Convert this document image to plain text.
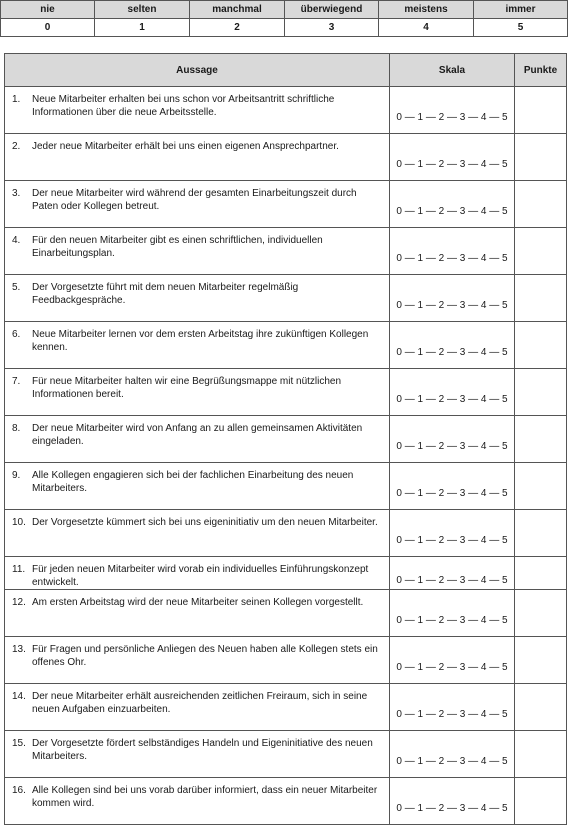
nie	selten	manchmal	überwiegend	meistens	immer
0	1	2	3	4	5
Aussage	Skala	Punkte

1. Neue Mitarbeiter erhalten bei uns schon vor Arbeitsantritt schriftliche Informationen über die neue Arbeitsstelle.	0 — 1 — 2 — 3 — 4 — 5	

2. Jeder neue Mitarbeiter erhält bei uns einen eigenen Ansprechpartner.	0 — 1 — 2 — 3 — 4 — 5	

3. Der neue Mitarbeiter wird während der gesamten Einarbeitungszeit durch Paten oder Kollegen betreut.	0 — 1 — 2 — 3 — 4 — 5	

4. Für den neuen Mitarbeiter gibt es einen schriftlichen, individuellen Einarbeitungsplan.	0 — 1 — 2 — 3 — 4 — 5	

5. Der Vorgesetzte führt mit dem neuen Mitarbeiter regelmäßig Feedbackgespräche.	0 — 1 — 2 — 3 — 4 — 5	

6. Neue Mitarbeiter lernen vor dem ersten Arbeitstag ihre zukünftigen Kollegen kennen.	0 — 1 — 2 — 3 — 4 — 5	

7. Für neue Mitarbeiter halten wir eine Begrüßungsmappe mit nützlichen Informationen bereit.	0 — 1 — 2 — 3 — 4 — 5	

8. Der neue Mitarbeiter wird von Anfang an zu allen gemeinsamen Aktivitäten eingeladen.	0 — 1 — 2 — 3 — 4 — 5	

9. Alle Kollegen engagieren sich bei der fachlichen Einarbeitung des neuen Mitarbeiters.	0 — 1 — 2 — 3 — 4 — 5	

10. Der Vorgesetzte kümmert sich bei uns eigeninitiativ um den neuen Mitarbeiter.	0 — 1 — 2 — 3 — 4 — 5	

11. Für jeden neuen Mitarbeiter wird vorab ein individuelles Einführungskonzept entwickelt.	0 — 1 — 2 — 3 — 4 — 5	

12. Am ersten Arbeitstag wird der neue Mitarbeiter seinen Kollegen vorgestellt.	0 — 1 — 2 — 3 — 4 — 5	

13. Für Fragen und persönliche Anliegen des Neuen haben alle Kollegen stets ein offenes Ohr.	0 — 1 — 2 — 3 — 4 — 5	

14. Der neue Mitarbeiter erhält ausreichenden zeitlichen Freiraum, sich in seine neuen Aufgaben einzuarbeiten.	0 — 1 — 2 — 3 — 4 — 5	

15. Der Vorgesetzte fördert selbständiges Handeln und Eigeninitiative des neuen Mitarbeiters.	0 — 1 — 2 — 3 — 4 — 5	

16. Alle Kollegen sind bei uns vorab darüber informiert, dass ein neuer Mitarbeiter kommen wird.	0 — 1 — 2 — 3 — 4 — 5	
